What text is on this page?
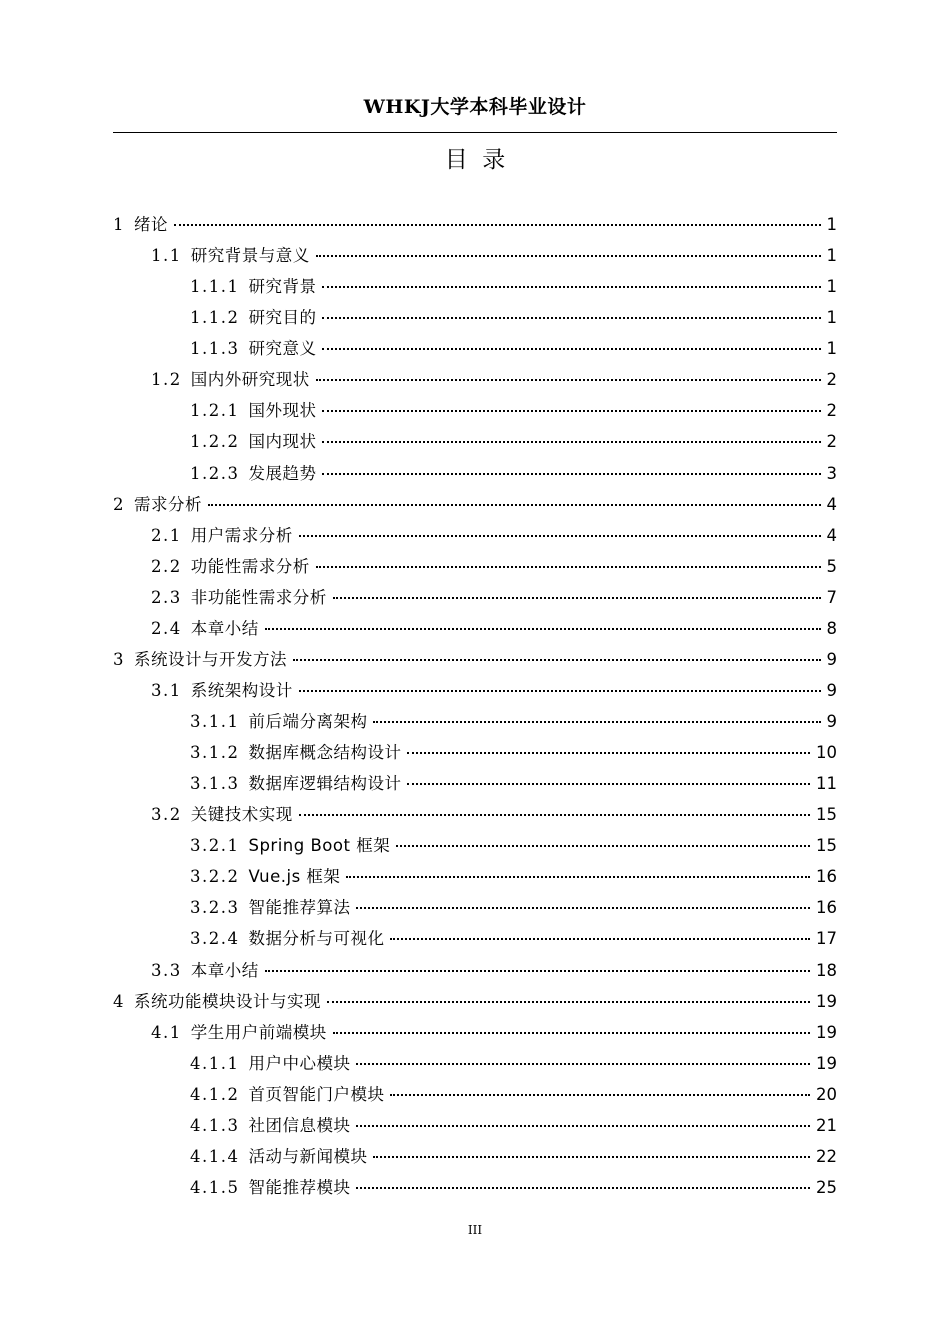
WHKJ大学本科毕业设计
目  录
1 绪论	1
1.1 研究背景与意义	1
1.1.1 研究背景	1
1.1.2 研究目的	1
1.1.3 研究意义	1
1.2 国内外研究现状	2
1.2.1 国外现状	2
1.2.2 国内现状	2
1.2.3 发展趋势	3
2 需求分析	4
2.1 用户需求分析	4
2.2 功能性需求分析	5
2.3 非功能性需求分析	7
2.4 本章小结	8
3 系统设计与开发方法	9
3.1 系统架构设计	9
3.1.1 前后端分离架构	9
3.1.2 数据库概念结构设计	10
3.1.3 数据库逻辑结构设计	11
3.2 关键技术实现	15
3.2.1 Spring Boot 框架	15
3.2.2 Vue.js 框架	16
3.2.3 智能推荐算法	16
3.2.4 数据分析与可视化	17
3.3 本章小结	18
4 系统功能模块设计与实现	19
4.1 学生用户前端模块	19
4.1.1 用户中心模块	19
4.1.2 首页智能门户模块	20
4.1.3 社团信息模块	21
4.1.4 活动与新闻模块	22
4.1.5 智能推荐模块	25
III
